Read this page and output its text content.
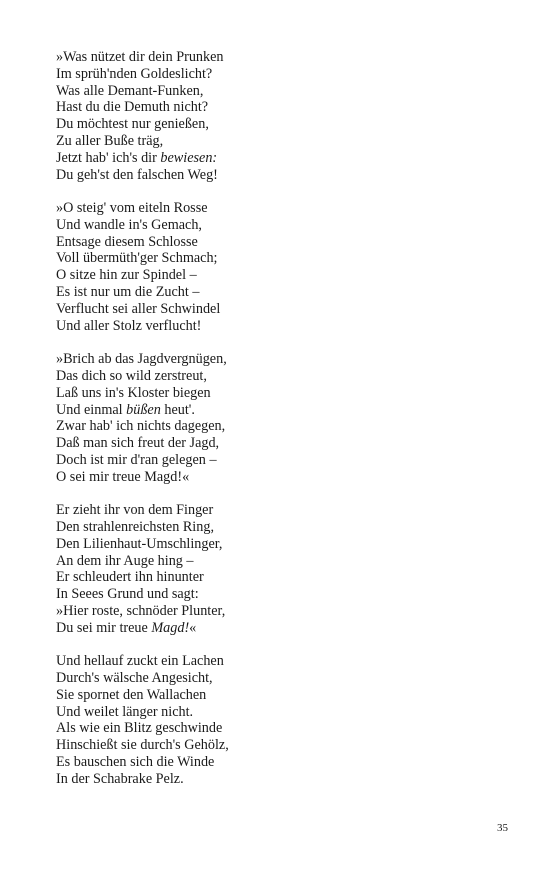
»Was nützet dir dein Prunken
Im sprüh'nden Goldeslicht?
Was alle Demant-Funken,
Hast du die Demuth nicht?
Du möchtest nur genießen,
Zu aller Buße träg,
Jetzt hab' ich's dir bewiesen:
Du geh'st den falschen Weg!
»O steig' vom eiteln Rosse
Und wandle in's Gemach,
Entsage diesem Schlosse
Voll übermüth'ger Schmach;
O sitze hin zur Spindel –
Es ist nur um die Zucht –
Verflucht sei aller Schwindel
Und aller Stolz verflucht!
»Brich ab das Jagdvergnügen,
Das dich so wild zerstreut,
Laß uns in's Kloster biegen
Und einmal büßen heut'.
Zwar hab' ich nichts dagegen,
Daß man sich freut der Jagd,
Doch ist mir d'ran gelegen –
O sei mir treue Magd!«
Er zieht ihr von dem Finger
Den strahlenreichsten Ring,
Den Lilienhaut-Umschlinger,
An dem ihr Auge hing –
Er schleudert ihn hinunter
In Seees Grund und sagt:
»Hier roste, schnöder Plunter,
Du sei mir treue Magd!«
Und hellauf zuckt ein Lachen
Durch's wälsche Angesicht,
Sie spornet den Wallachen
Und weilet länger nicht.
Als wie ein Blitz geschwinde
Hinschießt sie durch's Gehölz,
Es bauschen sich die Winde
In der Schabrake Pelz.
35
